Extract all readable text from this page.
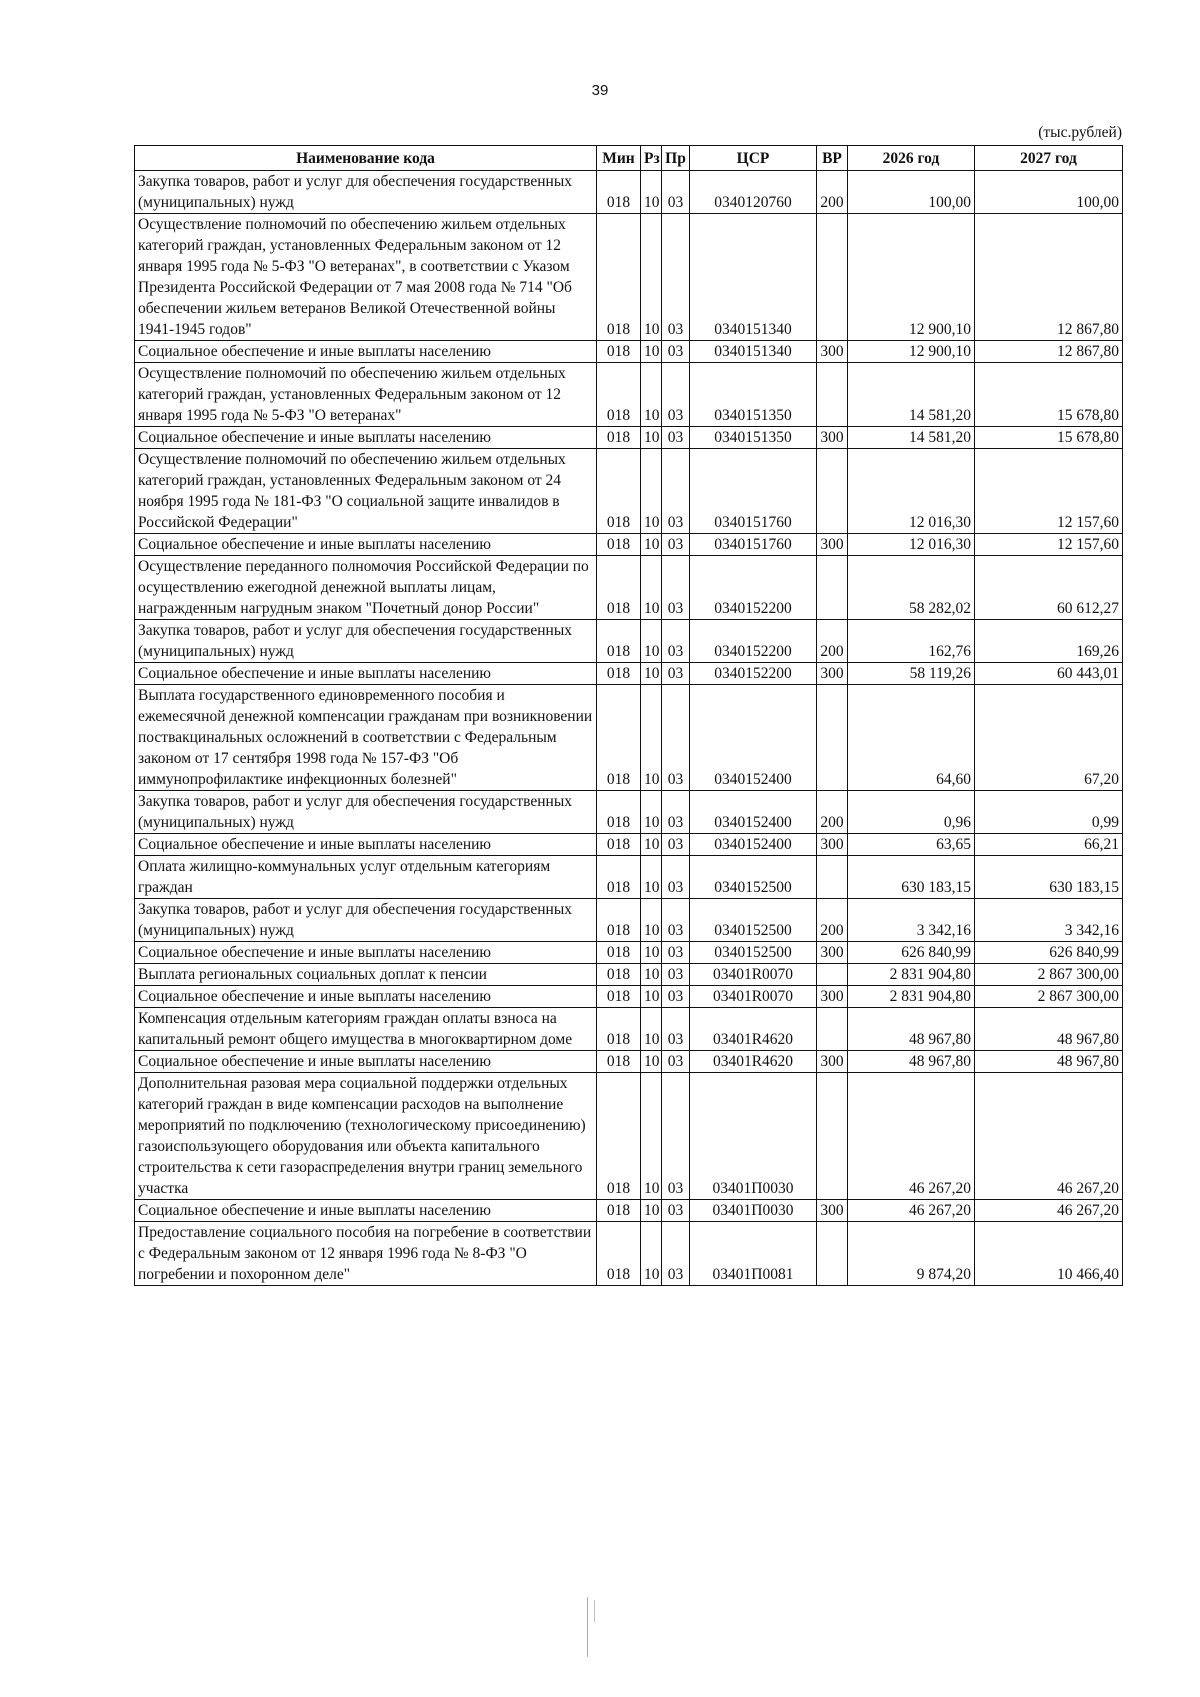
39
(тыс.рублей)
Наименование кода	Мин	Рз	Пр	ЦСР	ВР	2026 год	2027 год
Закупка товаров, работ и услуг для обеспечения государственных (муниципальных) нужд	018	10	03	0340120760	200	100,00	100,00
Осуществление полномочий по обеспечению жильем отдельных категорий граждан, установленных Федеральным законом от 12 января 1995 года № 5-ФЗ "О ветеранах", в соответствии с Указом Президента Российской Федерации от 7 мая 2008 года № 714 "Об обеспечении жильем ветеранов Великой Отечественной войны 1941-1945 годов"	018	10	03	0340151340		12 900,10	12 867,80
Социальное обеспечение и иные выплаты населению	018	10	03	0340151340	300	12 900,10	12 867,80
Осуществление полномочий по обеспечению жильем отдельных категорий граждан, установленных Федеральным законом от 12 января 1995 года № 5-ФЗ "О ветеранах"	018	10	03	0340151350		14 581,20	15 678,80
Социальное обеспечение и иные выплаты населению	018	10	03	0340151350	300	14 581,20	15 678,80
Осуществление полномочий по обеспечению жильем отдельных категорий граждан, установленных Федеральным законом от 24 ноября 1995 года № 181-ФЗ "О социальной защите инвалидов в Российской Федерации"	018	10	03	0340151760		12 016,30	12 157,60
Социальное обеспечение и иные выплаты населению	018	10	03	0340151760	300	12 016,30	12 157,60
Осуществление переданного полномочия Российской Федерации по осуществлению ежегодной денежной выплаты лицам, награжденным нагрудным знаком "Почетный донор России"	018	10	03	0340152200		58 282,02	60 612,27
Закупка товаров, работ и услуг для обеспечения государственных (муниципальных) нужд	018	10	03	0340152200	200	162,76	169,26
Социальное обеспечение и иные выплаты населению	018	10	03	0340152200	300	58 119,26	60 443,01
Выплата государственного единовременного пособия и ежемесячной денежной компенсации гражданам при возникновении поствакцинальных осложнений в соответствии с Федеральным законом от 17 сентября 1998 года № 157-ФЗ "Об иммунопрофилактике инфекционных болезней"	018	10	03	0340152400		64,60	67,20
Закупка товаров, работ и услуг для обеспечения государственных (муниципальных) нужд	018	10	03	0340152400	200	0,96	0,99
Социальное обеспечение и иные выплаты населению	018	10	03	0340152400	300	63,65	66,21
Оплата жилищно-коммунальных услуг отдельным категориям граждан	018	10	03	0340152500		630 183,15	630 183,15
Закупка товаров, работ и услуг для обеспечения государственных (муниципальных) нужд	018	10	03	0340152500	200	3 342,16	3 342,16
Социальное обеспечение и иные выплаты населению	018	10	03	0340152500	300	626 840,99	626 840,99
Выплата региональных социальных доплат к пенсии	018	10	03	03401R0070		2 831 904,80	2 867 300,00
Социальное обеспечение и иные выплаты населению	018	10	03	03401R0070	300	2 831 904,80	2 867 300,00
Компенсация отдельным категориям граждан оплаты взноса на капитальный ремонт общего имущества в многоквартирном доме	018	10	03	03401R4620		48 967,80	48 967,80
Социальное обеспечение и иные выплаты населению	018	10	03	03401R4620	300	48 967,80	48 967,80
Дополнительная разовая мера социальной поддержки отдельных категорий граждан в виде компенсации расходов на выполнение мероприятий по подключению (технологическому присоединению) газоиспользующего оборудования или объекта капитального строительства к сети газораспределения внутри границ земельного участка	018	10	03	03401П0030		46 267,20	46 267,20
Социальное обеспечение и иные выплаты населению	018	10	03	03401П0030	300	46 267,20	46 267,20
Предоставление социального пособия на погребение в соответствии с Федеральным законом от 12 января 1996 года № 8-ФЗ "О погребении и похоронном деле"	018	10	03	03401П0081		9 874,20	10 466,40
